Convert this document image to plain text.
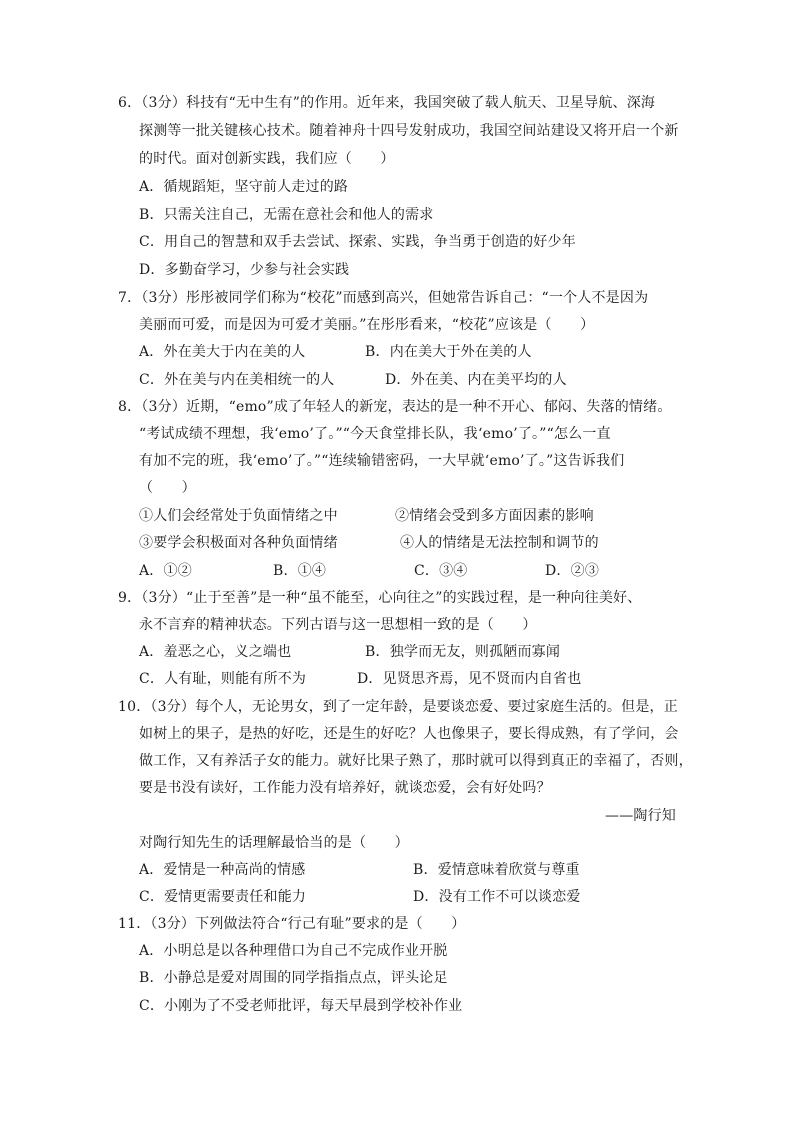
6．（3分）科技有“无中生有”的作用。近年来，我国突破了载人航天、卫星导航、深海
探测等一批关键核心技术。随着神舟十四号发射成功，我国空间站建设又将开启一个新
的时代。面对创新实践，我们应（　　）
A．循规蹈矩，坚守前人走过的路
B．只需关注自己，无需在意社会和他人的需求
C．用自己的智慧和双手去尝试、探索、实践，争当勇于创造的好少年
D．多勤奋学习，少参与社会实践
7．（3分）彤彤被同学们称为“校花”而感到高兴，但她常告诉自己：“一个人不是因为
美丽而可爱，而是因为可爱才美丽。”在彤彤看来，“校花”应该是（　　）
A．外在美大于内在美的人	B．内在美大于外在美的人
C．外在美与内在美相统一的人	D．外在美、内在美平均的人
8．（3分）近期，“emo”成了年轻人的新宠，表达的是一种不开心、郁闷、失落的情绪。
“考试成绩不理想，我‘emo’了。”“今天食堂排长队，我‘emo’了。”“怎么一直
有加不完的班，我‘emo’了。”“连续输错密码，一大早就‘emo’了。”这告诉我们
（　　）
①人们会经常处于负面情绪之中	②情绪会受到多方面因素的影响
③要学会积极面对各种负面情绪	④人的情绪是无法控制和调节的
A．①②	B．①④	C．③④	D．②③
9．（3分）“止于至善”是一种“虽不能至，心向往之”的实践过程，是一种向往美好、
永不言弃的精神状态。下列古语与这一思想相一致的是（　　）
A．羞恶之心，义之端也	B．独学而无友，则孤陋而寡闻
C．人有耻，则能有所不为	D．见贤思齐焉，见不贤而内自省也
10．（3分）每个人，无论男女，到了一定年龄，是要谈恋爱、要过家庭生活的。但是，正
如树上的果子，是热的好吃，还是生的好吃？人也像果子，要长得成熟，有了学问，会
做工作，又有养活子女的能力。就好比果子熟了，那时就可以得到真正的幸福了，否则，
要是书没有读好，工作能力没有培养好，就谈恋爱，会有好处吗？
——陶行知
对陶行知先生的话理解最恰当的是（　　）
A．爱情是一种高尚的情感	B．爱情意味着欣赏与尊重
C．爱情更需要责任和能力	D．没有工作不可以谈恋爱
11．（3分）下列做法符合“行己有耻”要求的是（　　）
A．小明总是以各种理借口为自己不完成作业开脱
B．小静总是爱对周围的同学指指点点，评头论足
C．小刚为了不受老师批评，每天早晨到学校补作业
